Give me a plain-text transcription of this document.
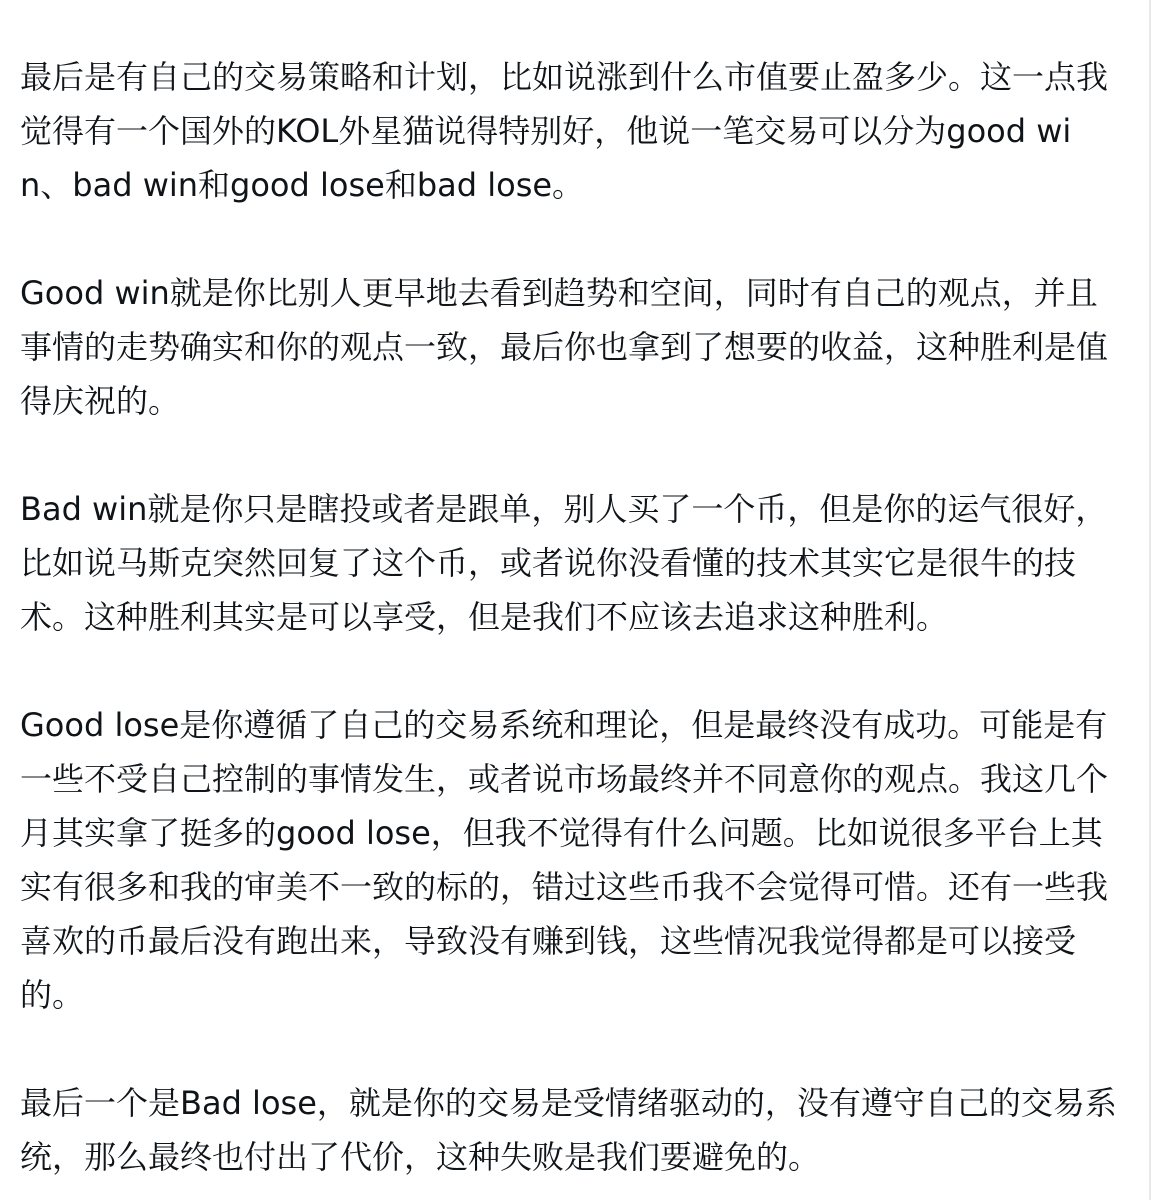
最后是有自己的交易策略和计划，比如说涨到什么市值要止盈多少。这一点我觉得有一个国外的KOL外星猫说得特别好，他说一笔交易可以分为good win、bad win和good lose和bad lose。

Good win就是你比别人更早地去看到趋势和空间，同时有自己的观点，并且事情的走势确实和你的观点一致，最后你也拿到了想要的收益，这种胜利是值得庆祝的。

Bad win就是你只是瞎投或者是跟单，别人买了一个币，但是你的运气很好，比如说马斯克突然回复了这个币，或者说你没看懂的技术其实它是很牛的技术。这种胜利其实是可以享受，但是我们不应该去追求这种胜利。

Good lose是你遵循了自己的交易系统和理论，但是最终没有成功。可能是有一些不受自己控制的事情发生，或者说市场最终并不同意你的观点。我这几个月其实拿了挺多的good lose，但我不觉得有什么问题。比如说很多平台上其实有很多和我的审美不一致的标的，错过这些币我不会觉得可惜。还有一些我喜欢的币最后没有跑出来，导致没有赚到钱，这些情况我觉得都是可以接受的。

最后一个是Bad lose，就是你的交易是受情绪驱动的，没有遵守自己的交易系统，那么最终也付出了代价，这种失败是我们要避免的。
